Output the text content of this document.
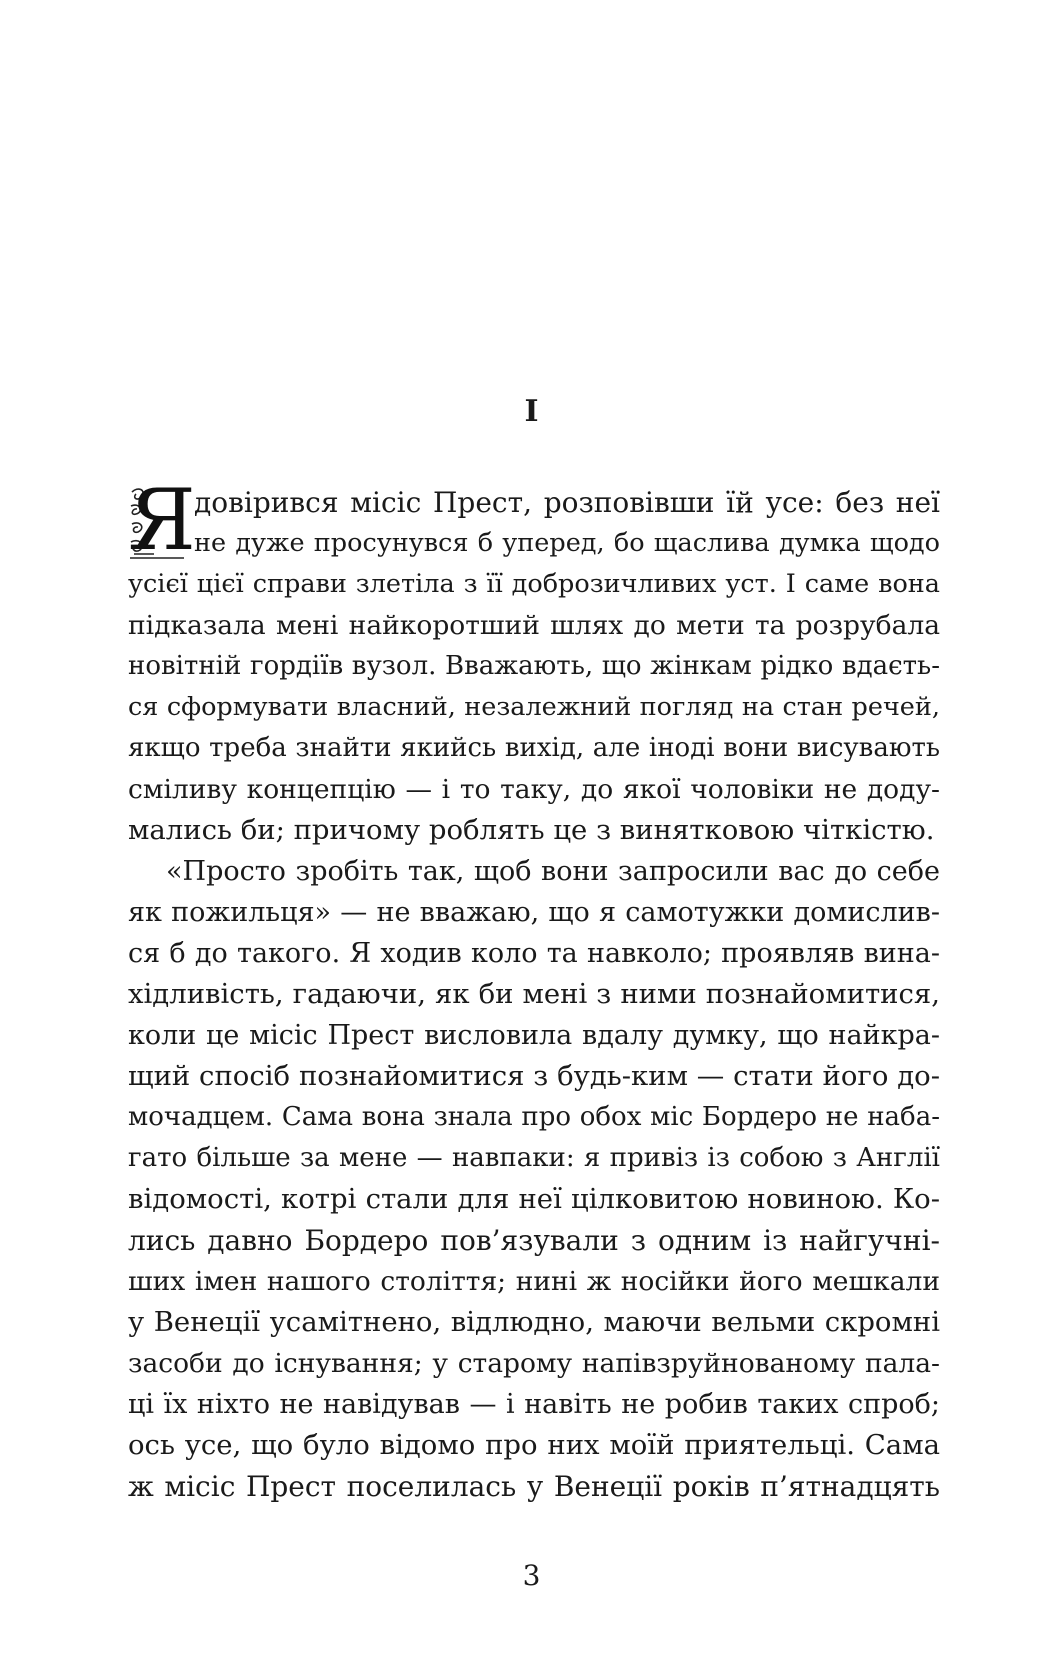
I
Я
довірився місіс Прест, розповівши їй усе: без неї
не дуже просунувся б уперед, бо щаслива думка щодо
усієї цієї справи злетіла з її доброзичливих уст. І саме вона
підказала мені найкоротший шлях до мети та розрубала
новітній гордіїв вузол. Вважають, що жінкам рідко вдаєть-
ся сформувати власний, незалежний погляд на стан речей,
якщо треба знайти якийсь вихід, але іноді вони висувають
сміливу концепцію — і то таку, до якої чоловіки не доду-
мались би; причому роблять це з винятковою чіткістю.
«Просто зробіть так, щоб вони запросили вас до себе
як пожильця» — не вважаю, що я самотужки домислив-
ся б до такого. Я ходив коло та навколо; проявляв вина-
хідливість, гадаючи, як би мені з ними познайомитися,
коли це місіс Прест висловила вдалу думку, що найкра-
щий спосіб познайомитися з будь-ким — стати його до-
мочадцем. Сама вона знала про обох міс Бордеро не наба-
гато більше за мене — навпаки: я привіз із собою з Англії
відомості, котрі стали для неї цілковитою новиною. Ко-
лись давно Бордеро пов’язували з одним із найгучні-
ших імен нашого століття; нині ж носійки його мешкали
у Венеції усамітнено, відлюдно, маючи вельми скромні
засоби до існування; у старому напівзруйнованому пала-
ці їх ніхто не навідував — і навіть не робив таких спроб;
ось усе, що було відомо про них моїй приятельці. Сама
ж місіс Прест поселилась у Венеції років п’ятнадцять
3
